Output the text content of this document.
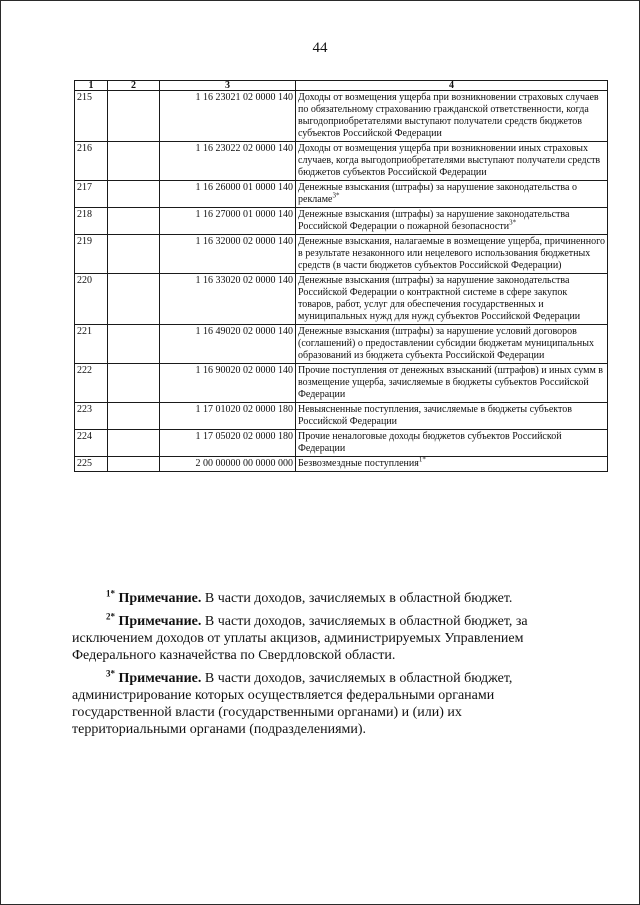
44
1	2	3	4
215		1 16 23021 02 0000 140	Доходы от возмещения ущерба при возникновении страховых случаев по обязательному страхованию гражданской ответственности, когда выгодоприобретателями выступают получатели средств бюджетов субъектов Российской Федерации
216		1 16 23022 02 0000 140	Доходы от возмещения ущерба при возникновении иных страховых случаев, когда выгодоприобретателями выступают получатели средств бюджетов субъектов Российской Федерации
217		1 16 26000 01 0000 140	Денежные взыскания (штрафы) за нарушение законодательства о рекламе$^{3*}$
218		1 16 27000 01 0000 140	Денежные взыскания (штрафы) за нарушение законодательства Российской Федерации о пожарной безопасности$^{3*}$
219		1 16 32000 02 0000 140	Денежные взыскания, налагаемые в возмещение ущерба, причиненного в результате незаконного или нецелевого использования бюджетных средств (в части бюджетов субъектов Российской Федерации)
220		1 16 33020 02 0000 140	Денежные взыскания (штрафы) за нарушение законодательства Российской Федерации о контрактной системе в сфере закупок товаров, работ, услуг для обеспечения государственных и муниципальных нужд для нужд субъектов Российской Федерации
221		1 16 49020 02 0000 140	Денежные взыскания (штрафы) за нарушение условий договоров (соглашений) о предоставлении субсидии бюджетам муниципальных образований из бюджета субъекта Российской Федерации
222		1 16 90020 02 0000 140	Прочие поступления от денежных взысканий (штрафов) и иных сумм в возмещение ущерба, зачисляемые в бюджеты субъектов Российской Федерации
223		1 17 01020 02 0000 180	Невыясненные поступления, зачисляемые в бюджеты субъектов Российской Федерации
224		1 17 05020 02 0000 180	Прочие неналоговые доходы бюджетов субъектов Российской Федерации
225		2 00 00000 00 0000 000	Безвозмездные поступления$^{1*}$

$^{1*}$ Примечание. В части доходов, зачисляемых в областной бюджет.

$^{2*}$ Примечание. В части доходов, зачисляемых в областной бюджет, за исключением доходов от уплаты акцизов, администрируемых Управлением Федерального казначейства по Свердловской области.

$^{3*}$ Примечание. В части доходов, зачисляемых в областной бюджет, администрирование которых осуществляется федеральными органами государственной власти (государственными органами) и (или) их территориальными органами (подразделениями).
